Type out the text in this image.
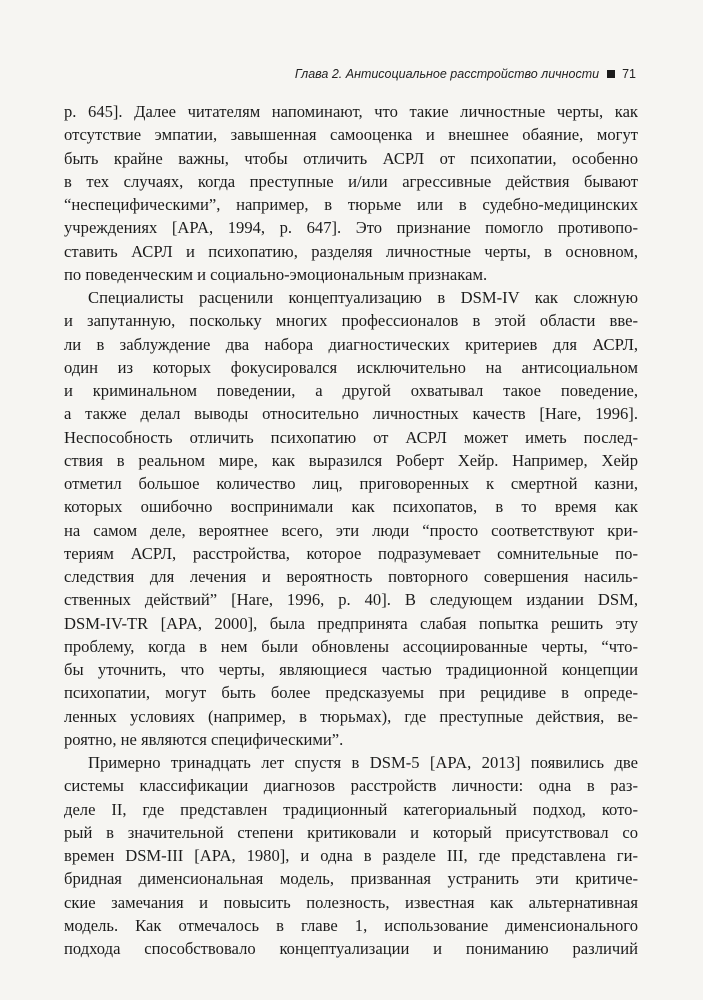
Глава 2. Антисоциальное расстройство личности 71
р. 645]. Далее читателям напоминают, что такие личностные черты, как
отсутствие эмпатии, завышенная самооценка и внешнее обаяние, могут
быть крайне важны, чтобы отличить АСРЛ от психопатии, особенно
в тех случаях, когда преступные и/или агрессивные действия бывают
“неспецифическими”, например, в тюрьме или в судебно-медицинских
учреждениях [APA, 1994, р. 647]. Это признание помогло противопо-
ставить АСРЛ и психопатию, разделяя личностные черты, в основном,
по поведенческим и социально-эмоциональным признакам.
Специалисты расценили концептуализацию в DSM-IV как сложную
и запутанную, поскольку многих профессионалов в этой области вве-
ли в заблуждение два набора диагностических критериев для АСРЛ,
один из которых фокусировался исключительно на антисоциальном
и криминальном поведении, а другой охватывал такое поведение,
а также делал выводы относительно личностных качеств [Hare, 1996].
Неспособность отличить психопатию от АСРЛ может иметь послед-
ствия в реальном мире, как выразился Роберт Хейр. Например, Хейр
отметил большое количество лиц, приговоренных к смертной казни,
которых ошибочно воспринимали как психопатов, в то время как
на самом деле, вероятнее всего, эти люди “просто соответствуют кри-
териям АСРЛ, расстройства, которое подразумевает сомнительные по-
следствия для лечения и вероятность повторного совершения насиль-
ственных действий” [Hare, 1996, р. 40]. В следующем издании DSM,
DSM-IV-TR [APA, 2000], была предпринята слабая попытка решить эту
проблему, когда в нем были обновлены ассоциированные черты, “что-
бы уточнить, что черты, являющиеся частью традиционной концепции
психопатии, могут быть более предсказуемы при рецидиве в опреде-
ленных условиях (например, в тюрьмах), где преступные действия, ве-
роятно, не являются специфическими”.
Примерно тринадцать лет спустя в DSM-5 [APA, 2013] появились две
системы классификации диагнозов расстройств личности: одна в раз-
деле II, где представлен традиционный категориальный подход, кото-
рый в значительной степени критиковали и который присутствовал со
времен DSM-III [APA, 1980], и одна в разделе III, где представлена ги-
бридная дименсиональная модель, призванная устранить эти критиче-
ские замечания и повысить полезность, известная как альтернативная
модель. Как отмечалось в главе 1, использование дименсионального
подхода способствовало концептуализации и пониманию различий
